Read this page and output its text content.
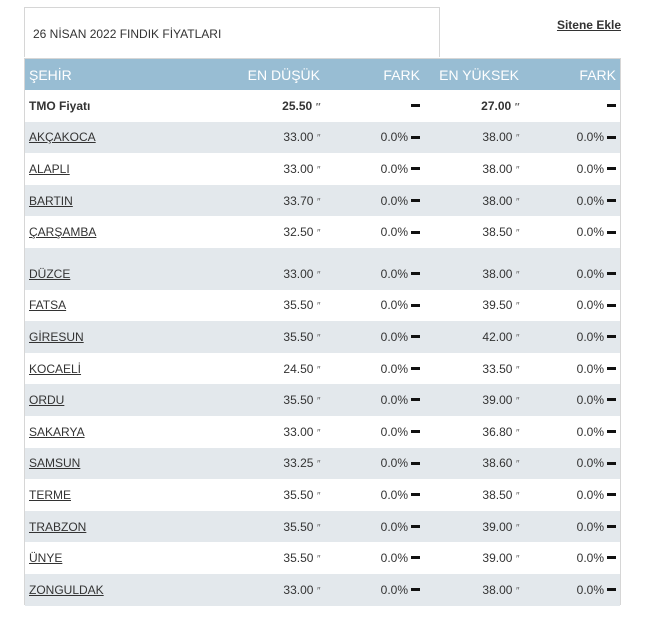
26 NİSAN 2022 FINDIK FİYATLARI
Sitene Ekle
ŞEHİR	EN DÜŞÜK	FARK	EN YÜKSEK	FARK
TMO Fiyatı	25.50 ″		27.00 ″	
AKÇAKOCA	33.00 ″	0.0%	38.00 ″	0.0%
ALAPLI	33.00 ″	0.0%	38.00 ″	0.0%
BARTIN	33.70 ″	0.0%	38.00 ″	0.0%
ÇARŞAMBA	32.50 ″	0.0%	38.50 ″	0.0%

DÜZCE	33.00 ″	0.0%	38.00 ″	0.0%
FATSA	35.50 ″	0.0%	39.50 ″	0.0%
GİRESUN	35.50 ″	0.0%	42.00 ″	0.0%
KOCAELİ	24.50 ″	0.0%	33.50 ″	0.0%
ORDU	35.50 ″	0.0%	39.00 ″	0.0%
SAKARYA	33.00 ″	0.0%	36.80 ″	0.0%
SAMSUN	33.25 ″	0.0%	38.60 ″	0.0%
TERME	35.50 ″	0.0%	38.50 ″	0.0%
TRABZON	35.50 ″	0.0%	39.00 ″	0.0%
ÜNYE	35.50 ″	0.0%	39.00 ″	0.0%
ZONGULDAK	33.00 ″	0.0%	38.00 ″	0.0%
